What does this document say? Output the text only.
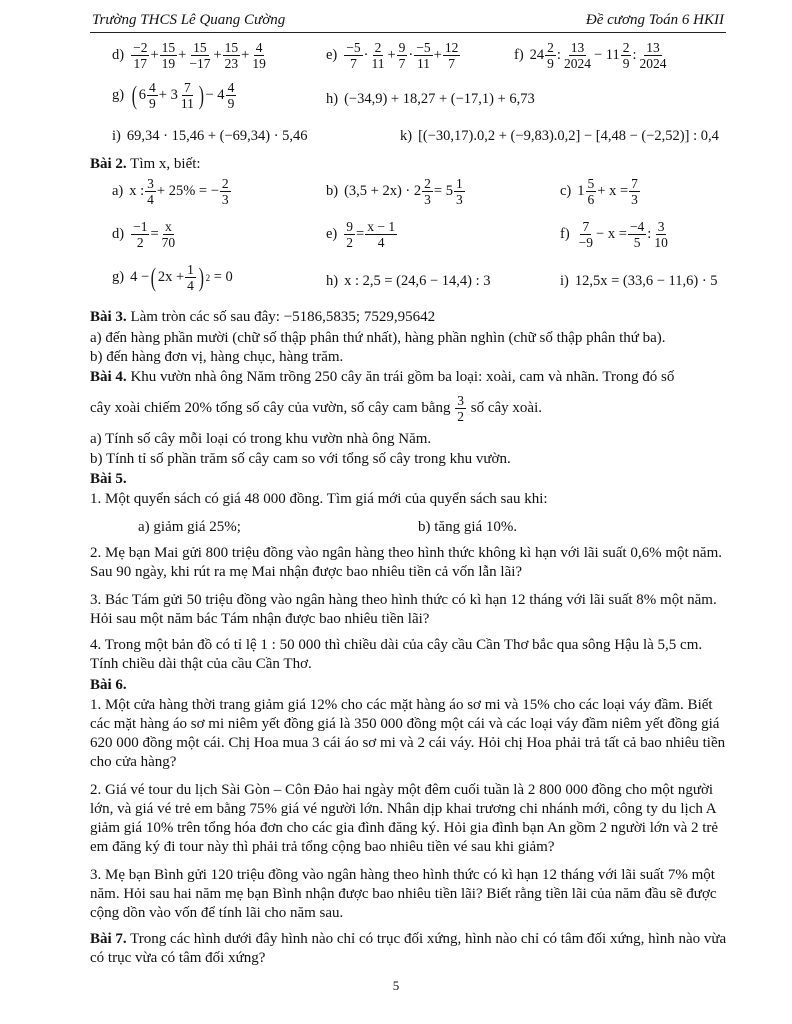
Trường THCS Lê Quang Cường	Đề cương Toán 6 HKII
d) −2
17
+ 15
19
+ 15
−17
+ 15
23
+ 4
19
e) −5
7
· 2
11
+ 9
7
· −5
11
+ 12
7
f) 24 2
9
: 13
2024
− 11 2
9
: 13
2024
g) ( 6 4
9
+ 3 7
11 ) − 4 4
9	h) (−34,9) + 18,27 + (−17,1) + 6,73
i) 69,34 · 15,46 + (−69,34) · 5,46	k) [(−30,17).0,2 + (−9,83).0,2] − [4,48 − (−2,52)] : 0,4
Bài 2. Tìm x, biết:
a) x : 3
4
+ 25% = − 2
3
b) (3,5 + 2x) · 2 2
3
= 5 1
3
c) 1 5
6
+ x = 7
3
d) −1
2
= x
70
e) 9
2
= x − 1
4
f) 7
−9
− x = −4
5
: 3
10
g) 4 − ( 2x + 1
4 ) 2 = 0	h) x : 2,5 = (24,6 − 14,4) : 3	i) 12,5x = (33,6 − 11,6) · 5
Bài 3. Làm tròn các số sau đây: −5186,5835; 7529,95642
a) đến hàng phần mười (chữ số thập phân thứ nhất), hàng phần nghìn (chữ số thập phân thứ ba).
b) đến hàng đơn vị, hàng chục, hàng trăm.
Bài 4. Khu vườn nhà ông Năm trồng 250 cây ăn trái gồm ba loại: xoài, cam và nhãn. Trong đó số
cây xoài chiếm 20% tổng số cây của vườn, số cây cam bằng
3
2

số cây xoài.
a) Tính số cây mỗi loại có trong khu vườn nhà ông Năm.
b) Tính tỉ số phần trăm số cây cam so với tổng số cây trong khu vườn.
Bài 5.
1. Một quyển sách có giá 48 000 đồng. Tìm giá mới của quyển sách sau khi:
a) giảm giá 25%;	b) tăng giá 10%.
2. Mẹ bạn Mai gửi 800 triệu đồng vào ngân hàng theo hình thức không kì hạn với lãi suất 0,6% một năm. Sau 90 ngày, khi rút ra mẹ Mai nhận được bao nhiêu tiền cả vốn lẫn lãi?
3. Bác Tám gửi 50 triệu đồng vào ngân hàng theo hình thức có kì hạn 12 tháng với lãi suất 8% một năm. Hỏi sau một năm bác Tám nhận được bao nhiêu tiền lãi?
4. Trong một bản đồ có tỉ lệ 1 : 50 000 thì chiều dài của cây cầu Cần Thơ bắc qua sông Hậu là 5,5 cm. Tính chiều dài thật của cầu Cần Thơ.
Bài 6.
1. Một cửa hàng thời trang giảm giá 12% cho các mặt hàng áo sơ mi và 15% cho các loại váy đầm. Biết các mặt hàng áo sơ mi niêm yết đồng giá là 350 000 đồng một cái và các loại váy đầm niêm yết đồng giá 620 000 đồng một cái. Chị Hoa mua 3 cái áo sơ mi và 2 cái váy. Hỏi chị Hoa phải trả tất cả bao nhiêu tiền cho cửa hàng?
2. Giá vé tour du lịch Sài Gòn – Côn Đảo hai ngày một đêm cuối tuần là 2 800 000 đồng cho một người lớn, và giá vé trẻ em bằng 75% giá vé người lớn. Nhân dịp khai trương chi nhánh mới, công ty du lịch A giảm giá 10% trên tổng hóa đơn cho các gia đình đăng ký. Hỏi gia đình bạn An gồm 2 người lớn và 2 trẻ em đăng ký đi tour này thì phải trả tổng cộng bao nhiêu tiền vé sau khi giảm?
3. Mẹ bạn Bình gửi 120 triệu đồng vào ngân hàng theo hình thức có kì hạn 12 tháng với lãi suất 7% một năm. Hỏi sau hai năm mẹ bạn Bình nhận được bao nhiêu tiền lãi? Biết rằng tiền lãi của năm đầu sẽ được cộng dồn vào vốn để tính lãi cho năm sau.
Bài 7. Trong các hình dưới đây hình nào chỉ có trục đối xứng, hình nào chỉ có tâm đối xứng, hình nào vừa có trục vừa có tâm đối xứng?
5
